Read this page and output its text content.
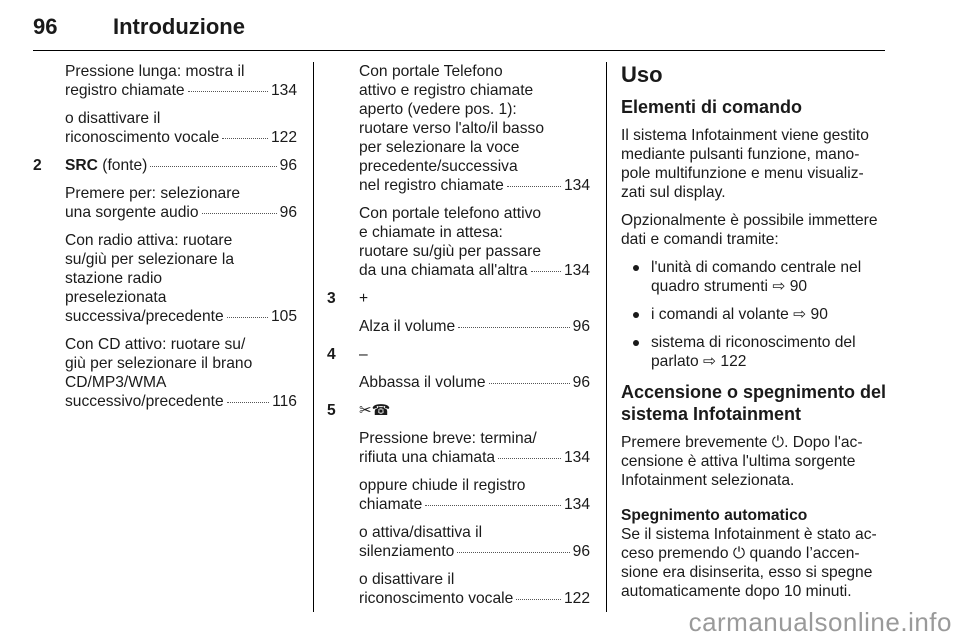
96	Introduzione
Pressione lunga: mostra il
registro chiamate	134
o disattivare il
riconoscimento vocale	122
2 SRC (fonte)	96
Premere per: selezionare
una sorgente audio	96
Con radio attiva: ruotare
su/giù per selezionare la
stazione radio
preselezionata
successiva/precedente	105
Con CD attivo: ruotare su/
giù per selezionare il brano
CD/MP3/WMA
successivo/precedente	116
Con portale Telefono
attivo e registro chiamate
aperto (vedere pos. 1):
ruotare verso l'alto/il basso
per selezionare la voce
precedente/successiva
nel registro chiamate	134
Con portale telefono attivo
e chiamate in attesa:
ruotare su/giù per passare
da una chiamata all'altra 134
3 +
Alza il volume	96
4 –
Abbassa il volume	96
5 ✂☎
Pressione breve: termina/
rifiuta una chiamata	134
oppure chiude il registro
chiamate	134
o attiva/disattiva il
silenziamento	96
o disattivare il
riconoscimento vocale	122
Uso
Elementi di comando

Il sistema Infotainment viene gestito mediante pulsanti funzione, mano-pole multifunzione e menu visualiz-zati sul display.

Opzionalmente è possibile immettere dati e comandi tramite:

l'unità di comando centrale nel quadro strumenti ⇨ 90
i comandi al volante ⇨ 90
sistema di riconoscimento del parlato ⇨ 122
Accensione o spegnimento del sistema Infotainment

Premere brevemente ⏻. Dopo l'ac-censione è attiva l'ultima sorgente Infotainment selezionata.

Spegnimento automatico

Se il sistema Infotainment è stato ac-ceso premendo ⏻ quando l’accen-sione era disinserita, esso si spegne automaticamente dopo 10 minuti.

carmanualsonline.info
